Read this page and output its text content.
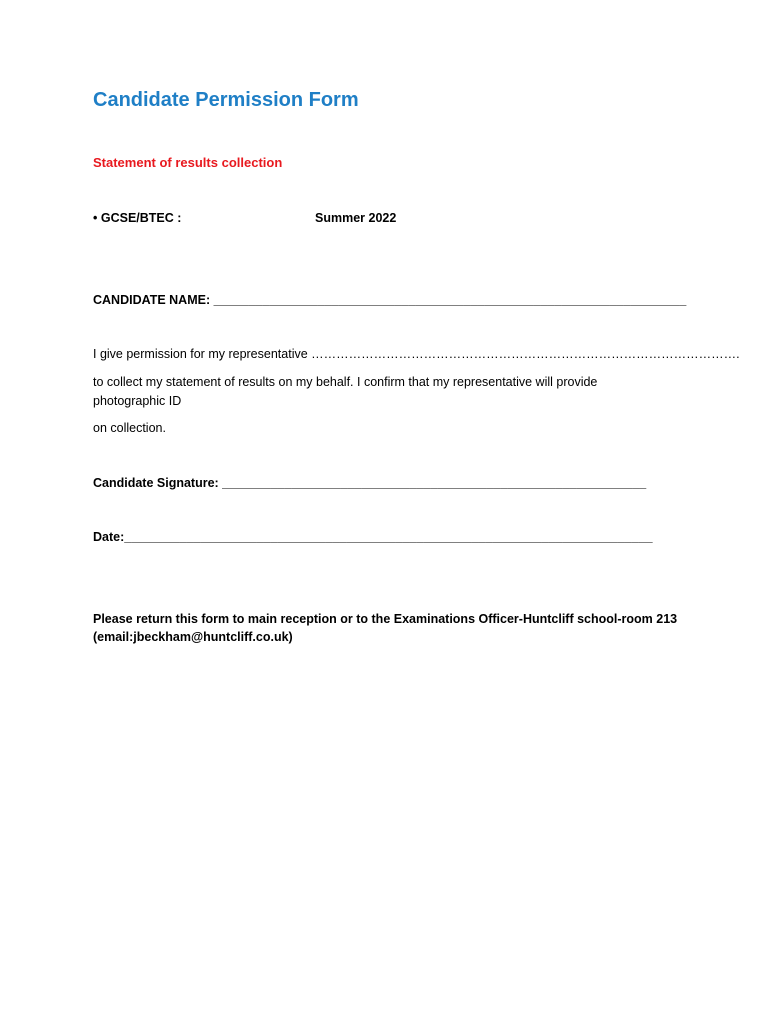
Candidate Permission Form
Statement of results collection
• GCSE/BTEC :	Summer 2022
CANDIDATE NAME: ____________________________________________________________________
I give permission for my representative ………………………………………………………………………………………….
to collect my statement of results on my behalf. I confirm that my representative will provide
photographic ID
on collection.
Candidate Signature: _____________________________________________________________
Date:____________________________________________________________________________
Please return this form to main reception or to the Examinations Officer-Huntcliff school-room 213
(email:jbeckham@huntcliff.co.uk)
